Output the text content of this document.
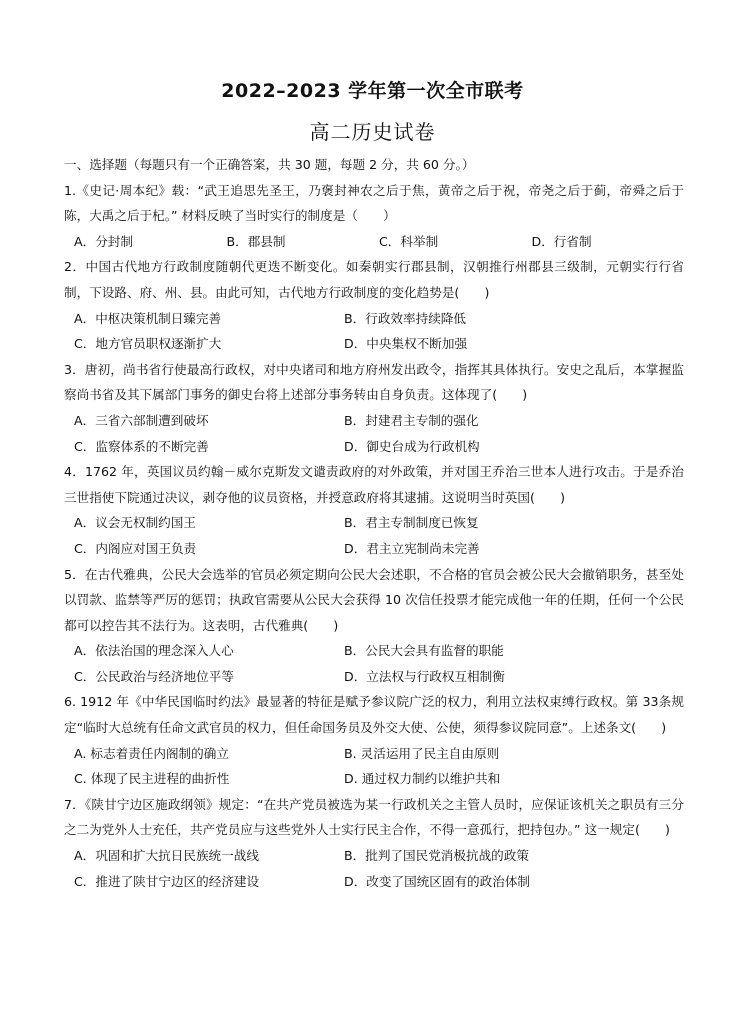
2022–2023 学年第一次全市联考
高二历史试卷
一、选择题（每题只有一个正确答案，共 30 题，每题 2 分，共 60 分。）
1.《史记·周本纪》载：“武王追思先圣王，乃褒封神农之后于焦，黄帝之后于祝，帝尧之后于蓟，帝舜之后于陈，大禹之后于杞。” 材料反映了当时实行的制度是（　　）
A．分封制	B．郡县制	C．科举制	D．行省制
2．中国古代地方行政制度随朝代更迭不断变化。如秦朝实行郡县制，汉朝推行州郡县三级制，元朝实行行省制，下设路、府、州、县。由此可知，古代地方行政制度的变化趋势是(　　)
A．中枢决策机制日臻完善	B．行政效率持续降低
C．地方官员职权逐渐扩大	D．中央集权不断加强
3．唐初，尚书省行使最高行政权，对中央诸司和地方府州发出政令，指挥其具体执行。安史之乱后，本掌握监察尚书省及其下属部门事务的御史台将上述部分事务转由自身负责。这体现了(　　)
A．三省六部制遭到破坏	B．封建君主专制的强化
C．监察体系的不断完善	D．御史台成为行政机构
4．1762 年，英国议员约翰－威尔克斯发文谴责政府的对外政策，并对国王乔治三世本人进行攻击。于是乔治三世指使下院通过决议，剥夺他的议员资格，并授意政府将其逮捕。这说明当时英国(　　)
A．议会无权制约国王	B．君主专制制度已恢复
C．内阁应对国王负责	D．君主立宪制尚未完善
5．在古代雅典，公民大会选举的官员必须定期向公民大会述职，不合格的官员会被公民大会撤销职务，甚至处以罚款、监禁等严厉的惩罚；执政官需要从公民大会获得 10 次信任投票才能完成他一年的任期，任何一个公民都可以控告其不法行为。这表明，古代雅典(　　)
A．依法治国的理念深入人心	B．公民大会具有监督的职能
C．公民政治与经济地位平等	D．立法权与行政权互相制衡
6. 1912 年《中华民国临时约法》最显著的特征是赋予参议院广泛的权力，利用立法权束缚行政权。第 33条规定“临时大总统有任命文武官员的权力，但任命国务员及外交大使、公使，须得参议院同意”。上述条文(　　)
A. 标志着责任内阁制的确立	B. 灵活运用了民主自由原则
C. 体现了民主进程的曲折性	D. 通过权力制约以维护共和
7．《陕甘宁边区施政纲领》规定：“在共产党员被选为某一行政机关之主管人员时，应保证该机关之职员有三分之二为党外人士充任，共产党员应与这些党外人士实行民主合作，不得一意孤行，把持包办。” 这一规定(　　)
A．巩固和扩大抗日民族统一战线	B．批判了国民党消极抗战的政策
C．推进了陕甘宁边区的经济建设	D．改变了国统区固有的政治体制
